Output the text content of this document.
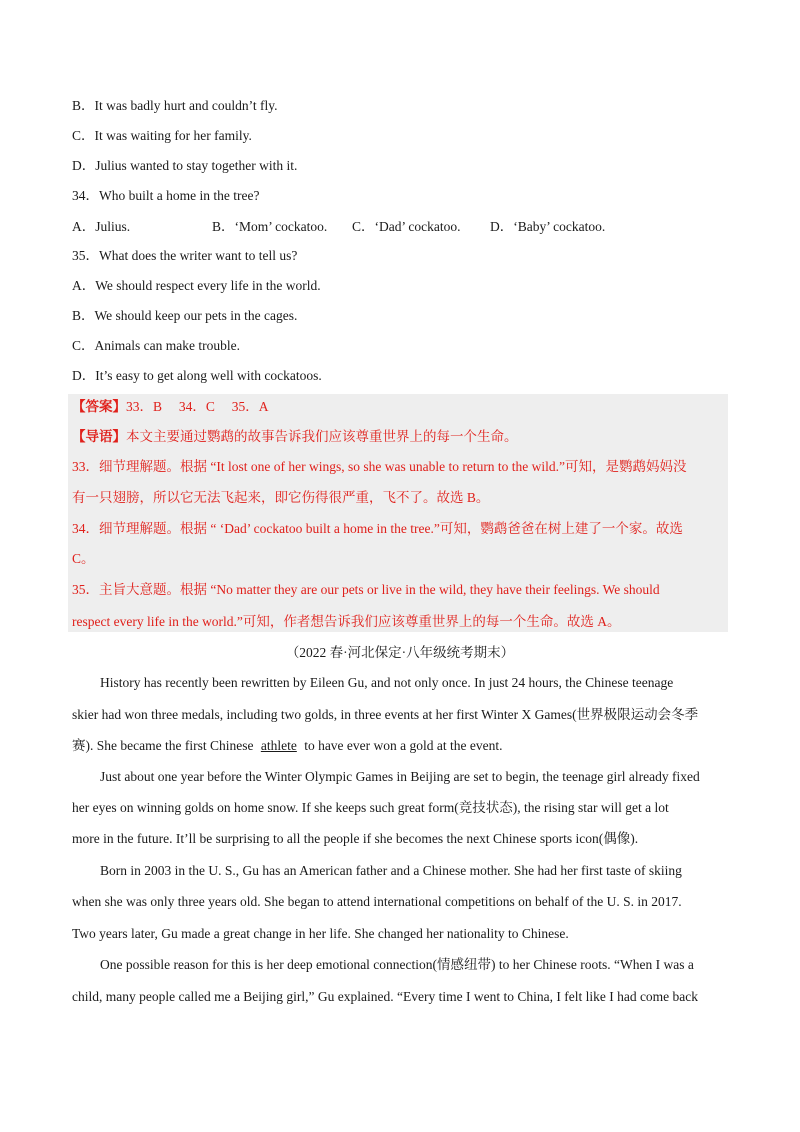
B．It was badly hurt and couldn’t fly.
C．It was waiting for her family.
D．Julius wanted to stay together with it.
34．Who built a home in the tree?
A．Julius.	B．‘Mom’ cockatoo. C．‘Dad’ cockatoo. D．‘Baby’ cockatoo.
35．What does the writer want to tell us?
A．We should respect every life in the world.
B．We should keep our pets in the cages.
C．Animals can make trouble.
D．It’s easy to get along well with cockatoos.
【答案】33．B　 34．C　 35．A
【导语】本文主要通过鹦鹉的故事告诉我们应该尊重世界上的每一个生命。
33．细节理解题。根据 “It lost one of her wings, so she was unable to return to the wild.”可知，是鹦鹉妈妈没
有一只翅膀，所以它无法飞起来，即它伤得很严重，飞不了。故选 B。
34．细节理解题。根据 “ ‘Dad’ cockatoo built a home in the tree.”可知，鹦鹉爸爸在树上建了一个家。故选
C。
35．主旨大意题。根据 “No matter they are our pets or live in the wild, they have their feelings. We should
respect every life in the world.”可知，作者想告诉我们应该尊重世界上的每一个生命。故选 A。
（2022 春·河北保定·八年级统考期末）
History has recently been rewritten by Eileen Gu, and not only once. In just 24 hours, the Chinese teenage
skier had won three medals, including two golds, in three events at her first Winter X Games(世界极限运动会冬季
赛). She became the first Chinese athlete to have ever won a gold at the event.
Just about one year before the Winter Olympic Games in Beijing are set to begin, the teenage girl already fixed
her eyes on winning golds on home snow. If she keeps such great form(竞技状态), the rising star will get a lot
more in the future. It’ll be surprising to all the people if she becomes the next Chinese sports icon(偶像).
Born in 2003 in the U. S., Gu has an American father and a Chinese mother. She had her first taste of skiing
when she was only three years old. She began to attend international competitions on behalf of the U. S. in 2017.
Two years later, Gu made a great change in her life. She changed her nationality to Chinese.
One possible reason for this is her deep emotional connection(情感纽带) to her Chinese roots. “When I was a
child, many people called me a Beijing girl,” Gu explained. “Every time I went to China, I felt like I had come back
